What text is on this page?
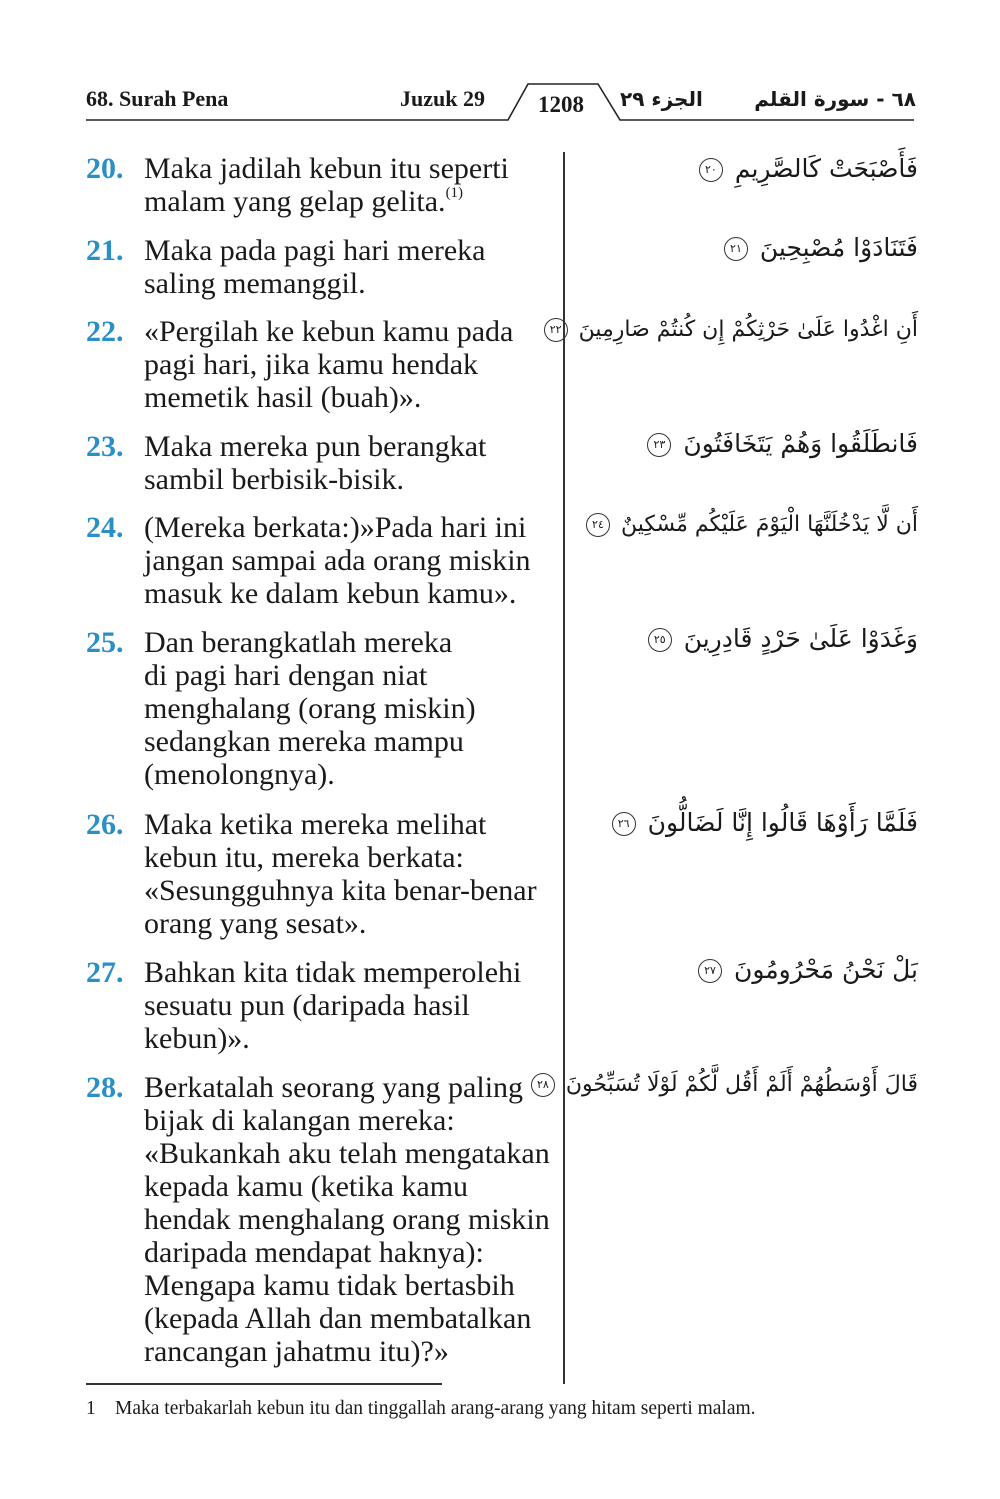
68. Surah Pena	Juzuk 29 1208 الجزء ٢٩	٦٨ - سورة القلم
20. Maka jadilah kebun itu seperti
malam yang gelap gelita.$^{(1)}$
فَأَصْبَحَتْ كَالصَّرِيمِ ٢٠
21. Maka pada pagi hari mereka
saling memanggil.
فَتَنَادَوْا مُصْبِحِينَ ٢١
22. «Pergilah ke kebun kamu pada
pagi hari, jika kamu hendak
memetik hasil (buah)».
أَنِ اغْدُوا عَلَىٰ حَرْثِكُمْ إِن كُنتُمْ صَارِمِينَ ٢٢
23. Maka mereka pun berangkat
sambil berbisik-bisik.
فَانطَلَقُوا وَهُمْ يَتَخَافَتُونَ ٢٣
24. (Mereka berkata:)»Pada hari ini
jangan sampai ada orang miskin
masuk ke dalam kebun kamu».
أَن لَّا يَدْخُلَنَّهَا الْيَوْمَ عَلَيْكُم مِّسْكِينٌ ٢٤
25. Dan berangkatlah mereka
di pagi hari dengan niat
menghalang (orang miskin)
sedangkan mereka mampu
(menolongnya).
وَغَدَوْا عَلَىٰ حَرْدٍ قَادِرِينَ ٢٥
26. Maka ketika mereka melihat
kebun itu, mereka berkata:
«Sesungguhnya kita benar-benar
orang yang sesat».
فَلَمَّا رَأَوْهَا قَالُوا إِنَّا لَضَالُّونَ ٢٦
27. Bahkan kita tidak memperolehi
sesuatu pun (daripada hasil
kebun)».
بَلْ نَحْنُ مَحْرُومُونَ ٢٧
28. Berkatalah seorang yang paling
bijak di kalangan mereka:
«Bukankah aku telah mengatakan
kepada kamu (ketika kamu
hendak menghalang orang miskin
daripada mendapat haknya):
Mengapa kamu tidak bertasbih
(kepada Allah dan membatalkan
rancangan jahatmu itu)?»
قَالَ أَوْسَطُهُمْ أَلَمْ أَقُل لَّكُمْ لَوْلَا تُسَبِّحُونَ ٢٨
1 Maka terbakarlah kebun itu dan tinggallah arang-arang yang hitam seperti malam.
